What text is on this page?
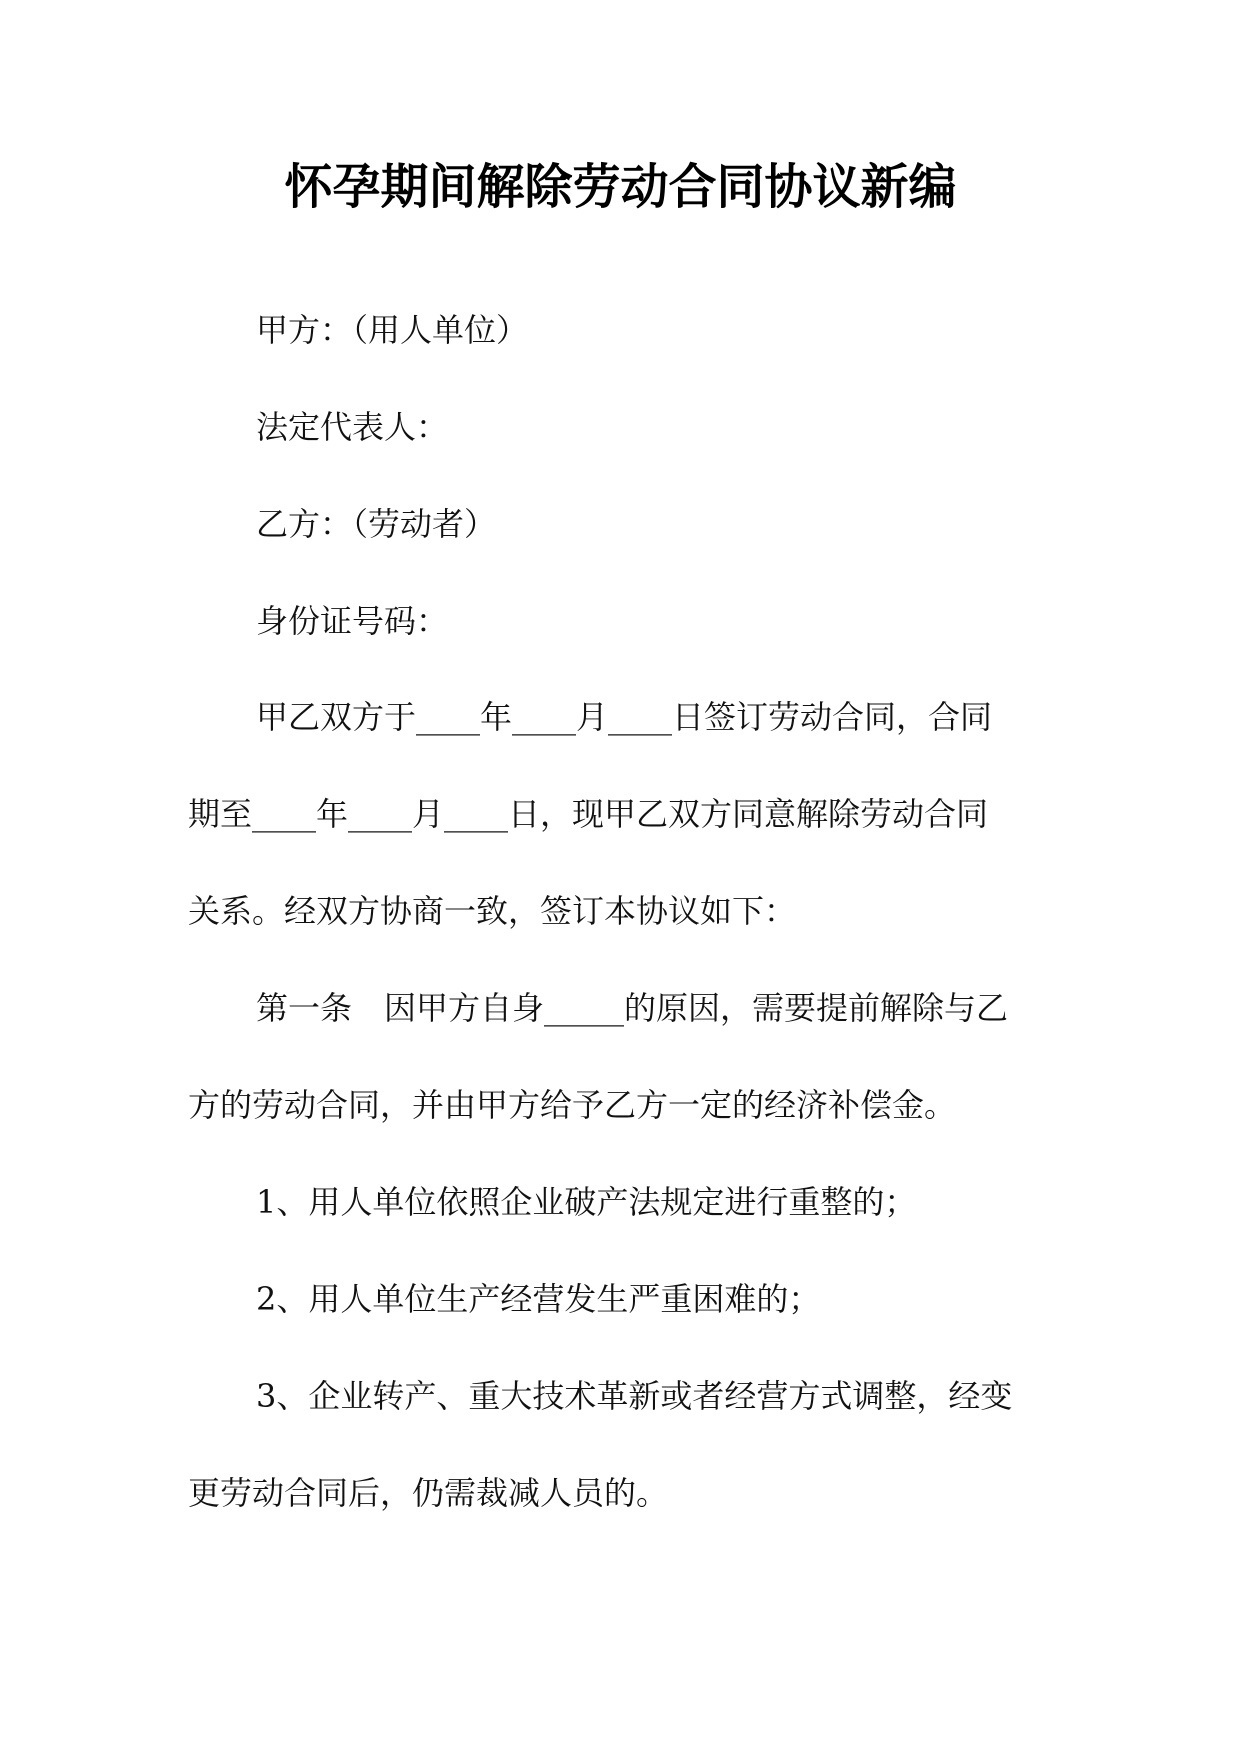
怀孕期间解除劳动合同协议新编

甲方：（用人单位）

法定代表人：

乙方：（劳动者）

身份证号码：

甲乙双方于____年____月____日签订劳动合同，合同

期至____年____月____日，现甲乙双方同意解除劳动合同

关系。经双方协商一致，签订本协议如下：

第一条　因甲方自身_____的原因，需要提前解除与乙

方的劳动合同，并由甲方给予乙方一定的经济补偿金。

1、用人单位依照企业破产法规定进行重整的；

2、用人单位生产经营发生严重困难的；

3、企业转产、重大技术革新或者经营方式调整，经变

更劳动合同后，仍需裁减人员的。
